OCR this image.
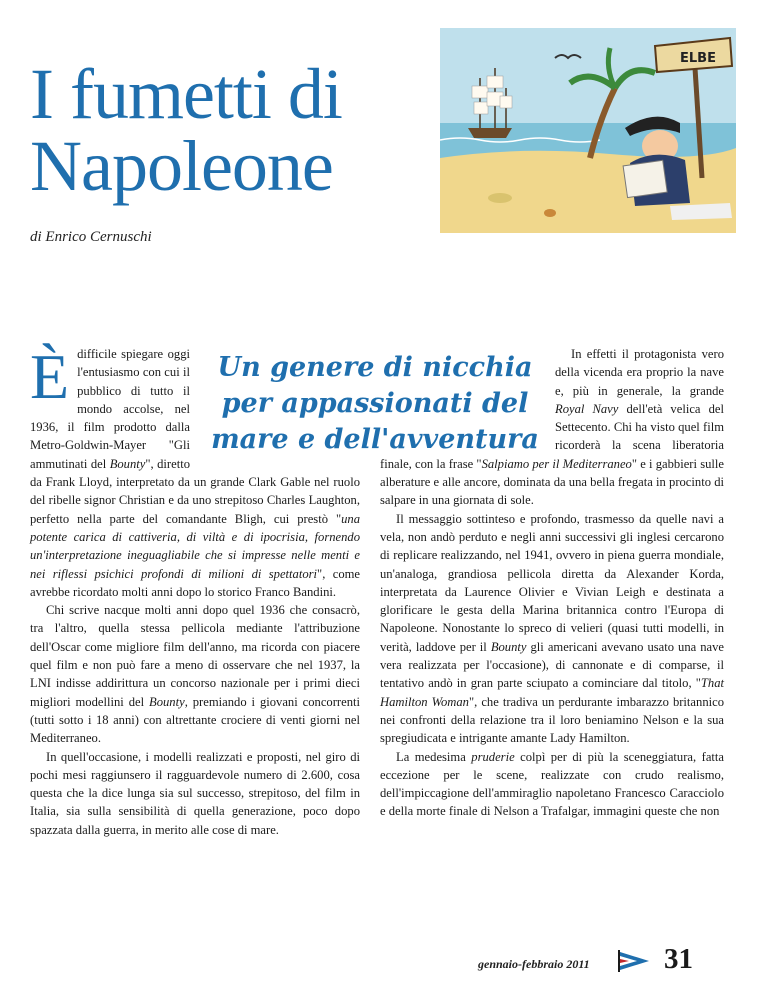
I fumetti di
Napoleone
di Enrico Cernuschi
ELBE

È difficile spiegare oggi l'entusiasmo con cui il pubblico di tutto il mondo accolse, nel 1936, il film prodotto dalla Metro-Goldwin-Mayer "Gli ammutinati del Bounty", diretto da Frank Lloyd, interpretato da un grande Clark Gable nel ruolo del ribelle signor Christian e da uno strepitoso Charles Laughton, perfetto nella parte del comandante Bligh, cui prestò "una potente carica di cattiveria, di viltà e di ipocrisia, fornendo un'interpretazione ineguagliabile che si impresse nelle menti e nei riflessi psichici profondi di milioni di spettatori", come avrebbe ricordato molti anni dopo lo storico Franco Bandini.

Chi scrive nacque molti anni dopo quel 1936 che consacrò, tra l'altro, quella stessa pellicola mediante l'attribuzione dell'Oscar come migliore film dell'anno, ma ricorda con piacere quel film e non può fare a meno di osservare che nel 1937, la LNI indisse addirittura un concorso nazionale per i primi dieci migliori modellini del Bounty, premiando i giovani concorrenti (tutti sotto i 18 anni) con altrettante crociere di venti giorni nel Mediterraneo.

In quell'occasione, i modelli realizzati e proposti, nel giro di pochi mesi raggiunsero il ragguardevole numero di 2.600, cosa questa che la dice lunga sia sul successo, strepitoso, del film in Italia, sia sulla sensibilità di quella generazione, poco dopo spazzata dalla guerra, in merito alle cose di mare.

In effetti il protagonista vero della vicenda era proprio la nave e, più in generale, la grande Royal Navy dell'età velica del Settecento. Chi ha visto quel film ricorderà la scena liberatoria finale, con la frase "Salpiamo per il Mediterraneo" e i gabbieri sulle alberature e alle ancore, dominata da una bella fregata in procinto di salpare in una giornata di sole.

Il messaggio sottinteso e profondo, trasmesso da quelle navi a vela, non andò perduto e negli anni successivi gli inglesi cercarono di replicare realizzando, nel 1941, ovvero in piena guerra mondiale, un'analoga, grandiosa pellicola diretta da Alexander Korda, interpretata da Laurence Olivier e Vivian Leigh e destinata a glorificare le gesta della Marina britannica contro l'Europa di Napoleone. Nonostante lo spreco di velieri (quasi tutti modelli, in verità, laddove per il Bounty gli americani avevano usato una nave vera realizzata per l'occasione), di cannonate e di comparse, il tentativo andò in gran parte sciupato a cominciare dal titolo, "That Hamilton Woman", che tradiva un perdurante imbarazzo britannico nei confronti della relazione tra il loro beniamino Nelson e la sua spregiudicata e intrigante amante Lady Hamilton.

La medesima pruderie colpì per di più la sceneggiatura, fatta eccezione per le scene, realizzate con crudo realismo, dell'impiccagione dell'ammiraglio napoletano Francesco Caracciolo e della morte finale di Nelson a Trafalgar, immagini queste che non

Un genere di nicchia per appassionati del mare e dell'avventura

gennaio-febbraio 2011	31
